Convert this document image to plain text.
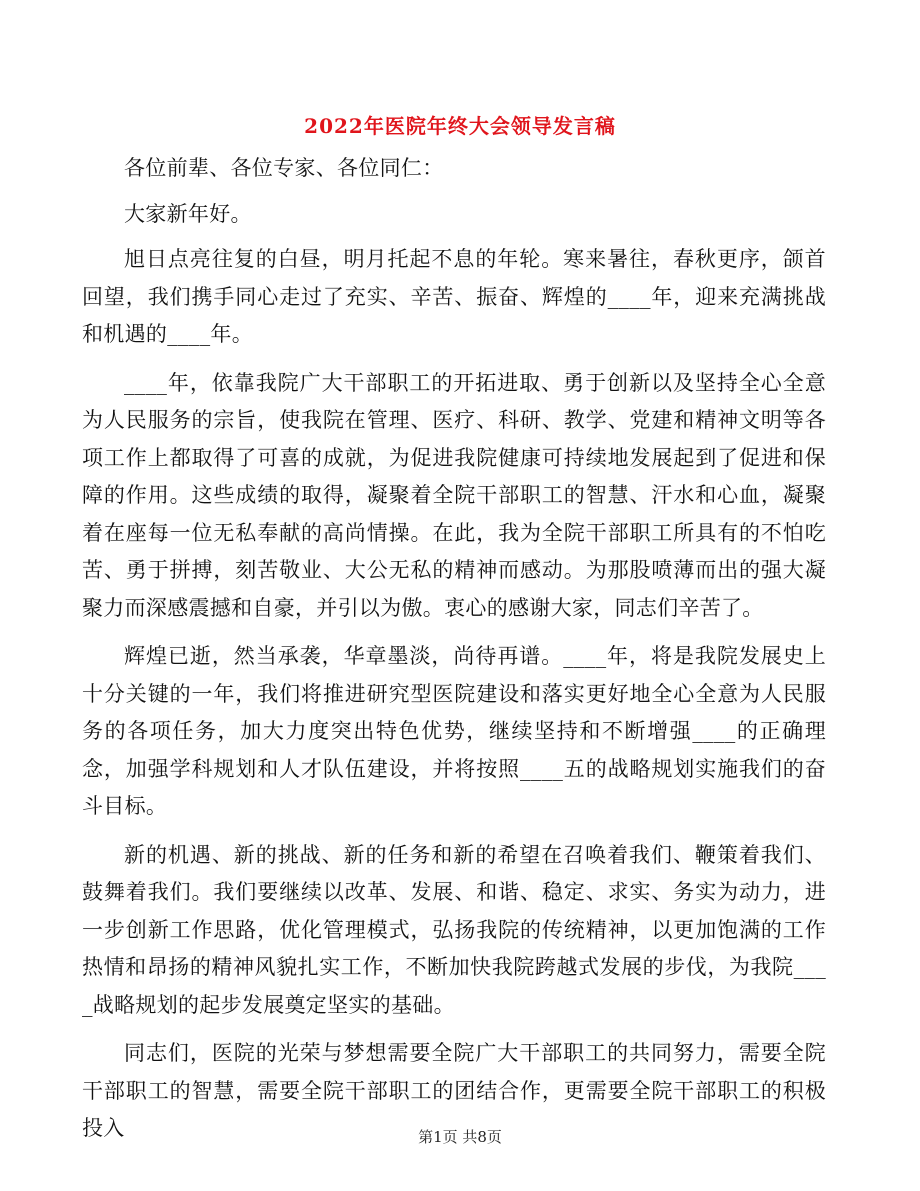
2022年医院年终大会领导发言稿

各位前辈、各位专家、各位同仁：

大家新年好。

旭日点亮往复的白昼，明月托起不息的年轮。寒来暑往，春秋更序，颌首回望，我们携手同心走过了充实、辛苦、振奋、辉煌的____年，迎来充满挑战和机遇的____年。

____年，依靠我院广大干部职工的开拓进取、勇于创新以及坚持全心全意为人民服务的宗旨，使我院在管理、医疗、科研、教学、党建和精神文明等各项工作上都取得了可喜的成就，为促进我院健康可持续地发展起到了促进和保障的作用。这些成绩的取得，凝聚着全院干部职工的智慧、汗水和心血，凝聚着在座每一位无私奉献的高尚情操。在此，我为全院干部职工所具有的不怕吃苦、勇于拼搏，刻苦敬业、大公无私的精神而感动。为那股喷薄而出的强大凝聚力而深感震撼和自豪，并引以为傲。衷心的感谢大家，同志们辛苦了。

辉煌已逝，然当承袭，华章墨淡，尚待再谱。____年，将是我院发展史上十分关键的一年，我们将推进研究型医院建设和落实更好地全心全意为人民服务的各项任务，加大力度突出特色优势，继续坚持和不断增强____的正确理念，加强学科规划和人才队伍建设，并将按照____五的战略规划实施我们的奋斗目标。

新的机遇、新的挑战、新的任务和新的希望在召唤着我们、鞭策着我们、鼓舞着我们。我们要继续以改革、发展、和谐、稳定、求实、务实为动力，进一步创新工作思路，优化管理模式，弘扬我院的传统精神，以更加饱满的工作热情和昂扬的精神风貌扎实工作，不断加快我院跨越式发展的步伐，为我院____战略规划的起步发展奠定坚实的基础。

同志们，医院的光荣与梦想需要全院广大干部职工的共同努力，需要全院干部职工的智慧，需要全院干部职工的团结合作，更需要全院干部职工的积极投入	第1页 共8页
